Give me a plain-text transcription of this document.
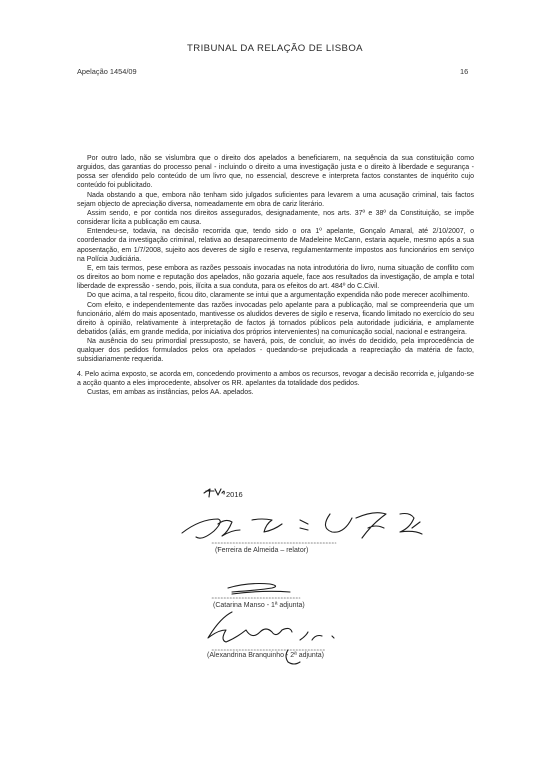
TRIBUNAL DA RELAÇÃO DE LISBOA
Apelação 1454/09	16

Por outro lado, não se vislumbra que o direito dos apelados a beneficiarem, na sequência da sua constituição como arguidos, das garantias do processo penal - incluindo o direito a uma investigação justa e o direito à liberdade e segurança - possa ser ofendido pelo conteúdo de um livro que, no essencial, descreve e interpreta factos constantes de inquérito cujo conteúdo foi publicitado.

Nada obstando a que, embora não tenham sido julgados suficientes para levarem a uma acusação criminal, tais factos sejam objecto de apreciação diversa, nomeadamente em obra de cariz literário.

Assim sendo, e por contida nos direitos assegurados, designadamente, nos arts. 37º e 38º da Constituição, se impõe considerar lícita a publicação em causa.

Entendeu-se, todavia, na decisão recorrida que, tendo sido o ora 1º apelante, Gonçalo Amaral, até 2/10/2007, o coordenador da investigação criminal, relativa ao desaparecimento de Madeleine McCann, estaria aquele, mesmo após a sua aposentação, em 1/7/2008, sujeito aos deveres de sigilo e reserva, regulamentarmente impostos aos funcionários em serviço na Polícia Judiciária.

E, em tais termos, pese embora as razões pessoais invocadas na nota introdutória do livro, numa situação de conflito com os direitos ao bom nome e reputação dos apelados, não gozaria aquele, face aos resultados da investigação, de ampla e total liberdade de expressão - sendo, pois, ilícita a sua conduta, para os efeitos do art. 484º do C.Civil.

Do que acima, a tal respeito, ficou dito, claramente se intui que a argumentação expendida não pode merecer acolhimento.

Com efeito, e independentemente das razões invocadas pelo apelante para a publicação, mal se compreenderia que um funcionário, além do mais aposentado, mantivesse os aludidos deveres de sigilo e reserva, ficando limitado no exercício do seu direito à opinião, relativamente à interpretação de factos já tornados públicos pela autoridade judiciária, e amplamente debatidos (aliás, em grande medida, por iniciativa dos próprios intervenientes) na comunicação social, nacional e estrangeira.

Na ausência do seu primordial pressuposto, se haverá, pois, de concluir, ao invés do decidido, pela improcedência de qualquer dos pedidos formulados pelos ora apelados - quedando-se prejudicada a reapreciação da matéria de facto, subsidiariamente requerida.

4. Pelo acima exposto, se acorda em, concedendo provimento a ambos os recursos, revogar a decisão recorrida e, julgando-se a acção quanto a eles improcedente, absolver os RR. apelantes da totalidade dos pedidos.

Custas, em ambas as instâncias, pelos AA. apelados.

2016
(Ferreira de Almeida – relator)
(Catarina Manso - 1ª adjunta)
(Alexandrina Branquinho - 2ª adjunta)
